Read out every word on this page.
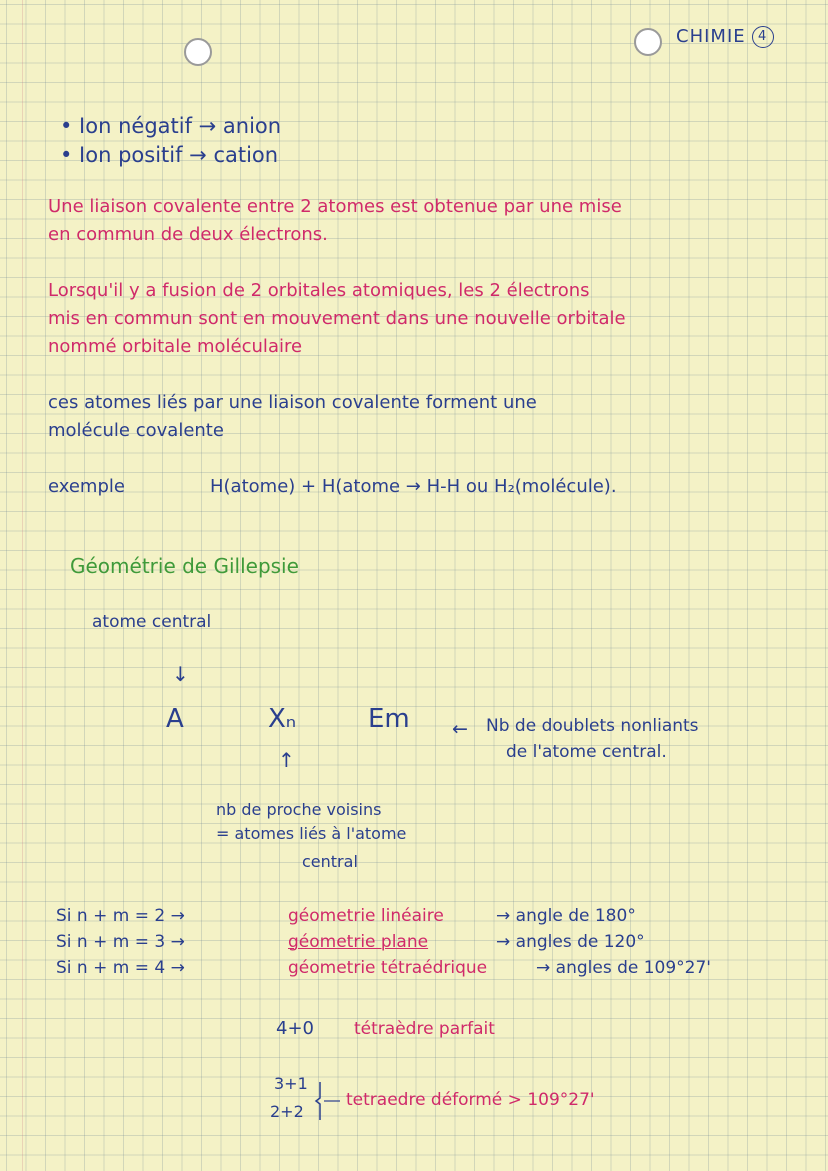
CHIMIE 4
• Ion négatif → anion
• Ion positif → cation
Une liaison covalente entre 2 atomes est obtenue par une mise
en commun de deux électrons.
Lorsqu'il y a fusion de 2 orbitales atomiques, les 2 électrons
mis en commun sont en mouvement dans une nouvelle orbitale
nommé orbitale moléculaire
ces atomes liés par une liaison covalente forment une
molécule covalente
exemple	H(atome) + H(atome → H-H ou H₂(molécule).
Géométrie de Gillepsie
atome central
↓
A	Xₙ	Em ← Nb de doublets nonliants
de l'atome central.
↑
nb de proche voisins
= atomes liés à l'atome
central
Si n + m = 2 →	géometrie linéaire	→ angle de 180°
Si n + m = 3 →	géometrie plane	→ angles de 120°
Si n + m = 4 →	géometrie tétraédrique	→ angles de 109°27'
4+0 tétraèdre parfait
3+1
2+2
tetraedre déformé > 109°27'
